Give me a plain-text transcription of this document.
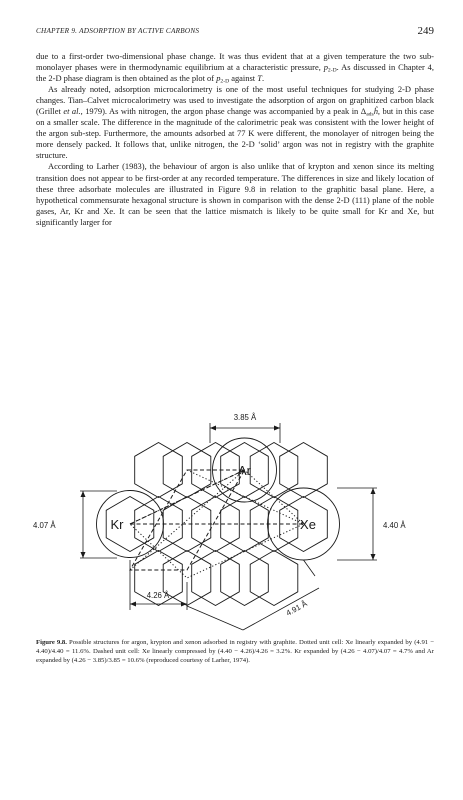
CHAPTER 9. ADSORPTION BY ACTIVE CARBONS	249

due to a first-order two-dimensional phase change. It was thus evident that at a given temperature the two sub-monolayer phases were in thermodynamic equilibrium at a characteristic pressure, $p_{2-D}$. As discussed in Chapter 4, the 2-D phase diagram is then obtained as the plot of $p_{2-D}$ against T.

As already noted, adsorption microcalorimetry is one of the most useful techniques for studying 2-D phase changes. Tian–Calvet microcalorimetry was used to investigate the adsorption of argon on graphitized carbon black (Grillet et al., 1979). As with nitrogen, the argon phase change was accompanied by a peak in $\Delta_{ads}ĥ$, but in this case on a smaller scale. The difference in the magnitude of the calorimetric peak was consistent with the lower height of the argon sub-step. Furthermore, the amounts adsorbed at 77 K were different, the monolayer of nitrogen being the more densely packed. It follows that, unlike nitrogen, the 2-D ‘solid’ argon was not in registry with the graphite structure.

According to Larher (1983), the behaviour of argon is also unlike that of krypton and xenon since its melting transition does not appear to be first-order at any recorded temperature. The differences in size and likely location of these three adsorbate molecules are illustrated in Figure 9.8 in relation to the graphitic basal plane. Here, a hypothetical commensurate hexagonal structure is shown in comparison with the dense 2-D (111) plane of the noble gases, Ar, Kr and Xe. It can be seen that the lattice mismatch is likely to be quite small for Kr and Xe, but significantly larger for

Ar
Kr	Xe
3.85 Å
4.07 Å	4.40 Å
4.26 Å
4.91 Å
Figure 9.8. Possible structures for argon, krypton and xenon adsorbed in registry with graphite. Dotted unit cell: Xe linearly expanded by (4.91 − 4.40)/4.40 = 11.6%. Dashed unit cell: Xe linearly compressed by (4.40 − 4.26)/4.26 = 3.2%. Kr expanded by (4.26 − 4.07)/4.07 = 4.7% and Ar expanded by (4.26 − 3.85)/3.85 = 10.6% (reproduced courtesy of Larher, 1974).
